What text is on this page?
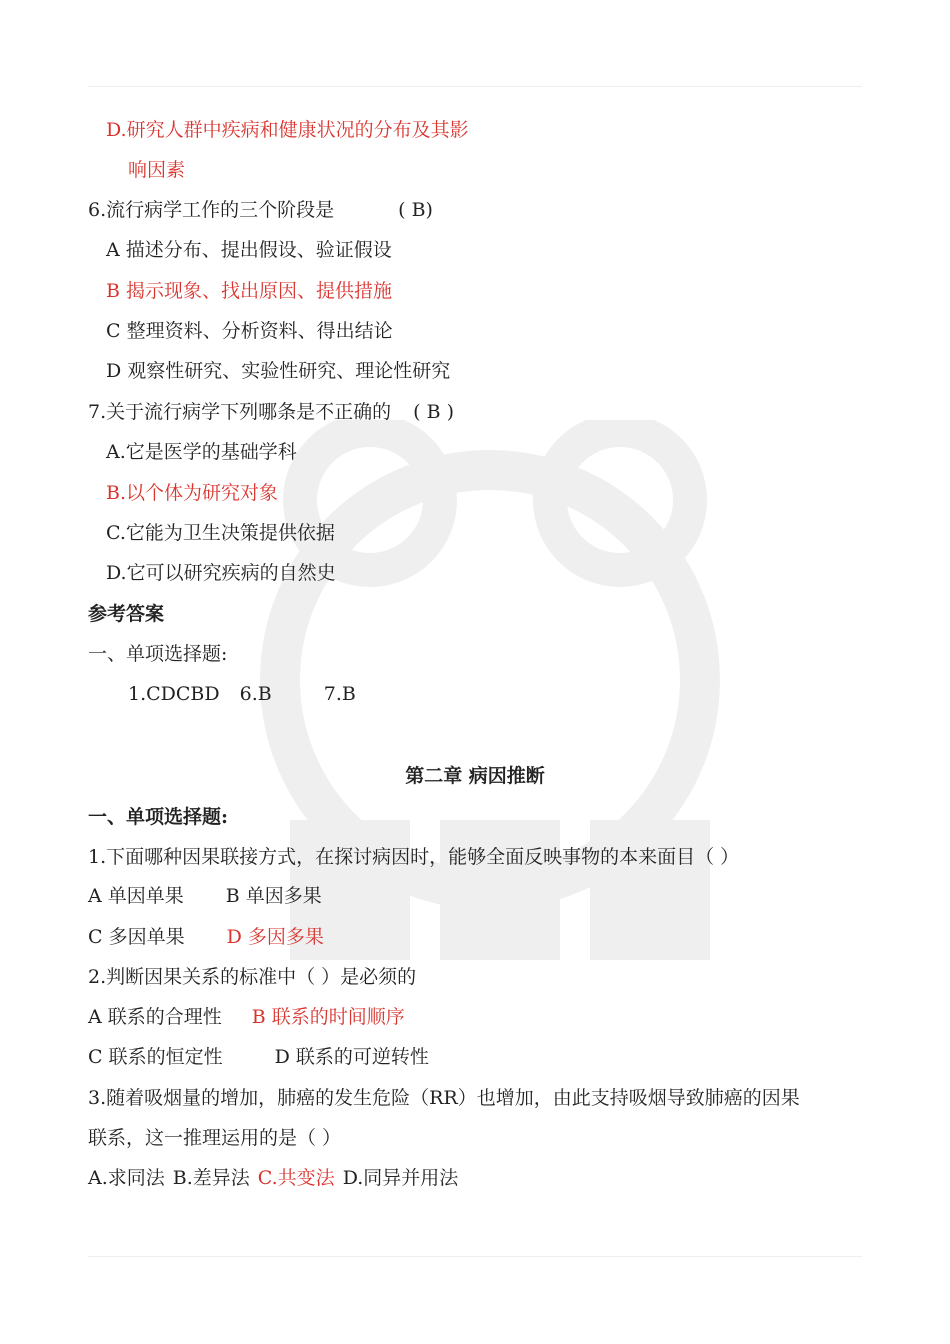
D.研究人群中疾病和健康状况的分布及其影
响因素
6.流行病学工作的三个阶段是	( B)
A 描述分布、提出假设、验证假设
B 揭示现象、找出原因、提供措施
C 整理资料、分析资料、得出结论
D 观察性研究、实验性研究、理论性研究
7.关于流行病学下列哪条是不正确的 ( B )
A.它是医学的基础学科
B.以个体为研究对象
C.它能为卫生决策提供依据
D.它可以研究疾病的自然史
参考答案
一、单项选择题:
1.CDCBD 6.B	7.B
第二章 病因推断
一、单项选择题:
1.下面哪种因果联接方式，在探讨病因时，能够全面反映事物的本来面目（ ）
A 单因单果 B 单因多果
C 多因单果 D 多因多果
2.判断因果关系的标准中（ ）是必须的
A 联系的合理性 B 联系的时间顺序
C 联系的恒定性	D 联系的可逆转性
3.随着吸烟量的增加，肺癌的发生危险（RR）也增加，由此支持吸烟导致肺癌的因果
联系，这一推理运用的是（ ）
A.求同法 B.差异法 C.共变法 D.同异并用法
